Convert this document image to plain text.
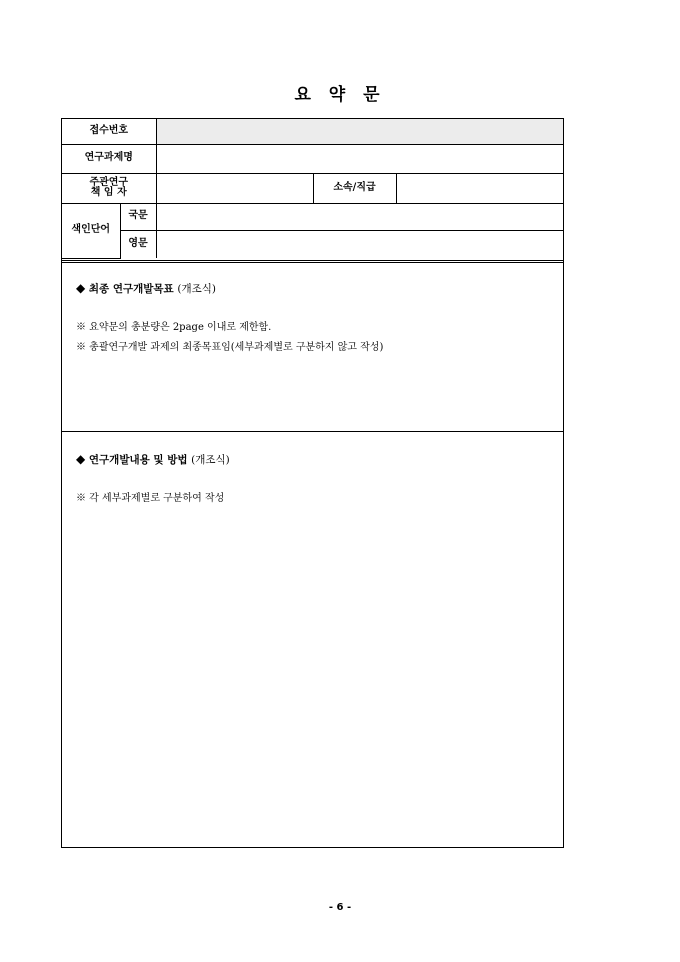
요 약 문
접수번호				
연구과제명				

주관연구
책 임 자			소속/직급	
색인단어	국문			
	영문			
◆ 최종 연구개발목표 (개조식)
※ 요약문의 총분량은 2page 이내로 제한함.
※ 총괄연구개발 과제의 최종목표임(세부과제별로 구분하지 않고 작성)
◆ 연구개발내용 및 방법 (개조식)
※ 각 세부과제별로 구분하여 작성
- 6 -
